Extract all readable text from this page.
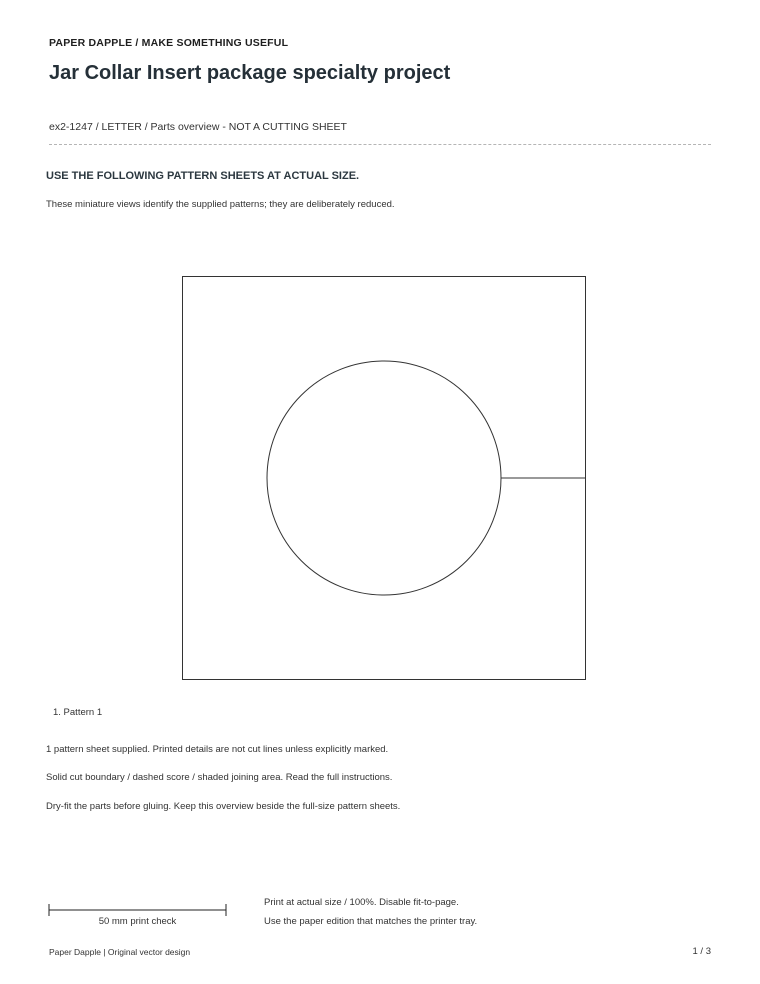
PAPER DAPPLE / MAKE SOMETHING USEFUL
Jar Collar Insert package specialty project
ex2-1247 / LETTER / Parts overview - NOT A CUTTING SHEET
USE THE FOLLOWING PATTERN SHEETS AT ACTUAL SIZE.
These miniature views identify the supplied patterns; they are deliberately reduced.
1. Pattern 1
1 pattern sheet supplied. Printed details are not cut lines unless explicitly marked.
Solid cut boundary / dashed score / shaded joining area. Read the full instructions.
Dry-fit the parts before gluing. Keep this overview beside the full-size pattern sheets.
50 mm print check
Print at actual size / 100%. Disable fit-to-page.
Use the paper edition that matches the printer tray.
Paper Dapple | Original vector design	1 / 3
